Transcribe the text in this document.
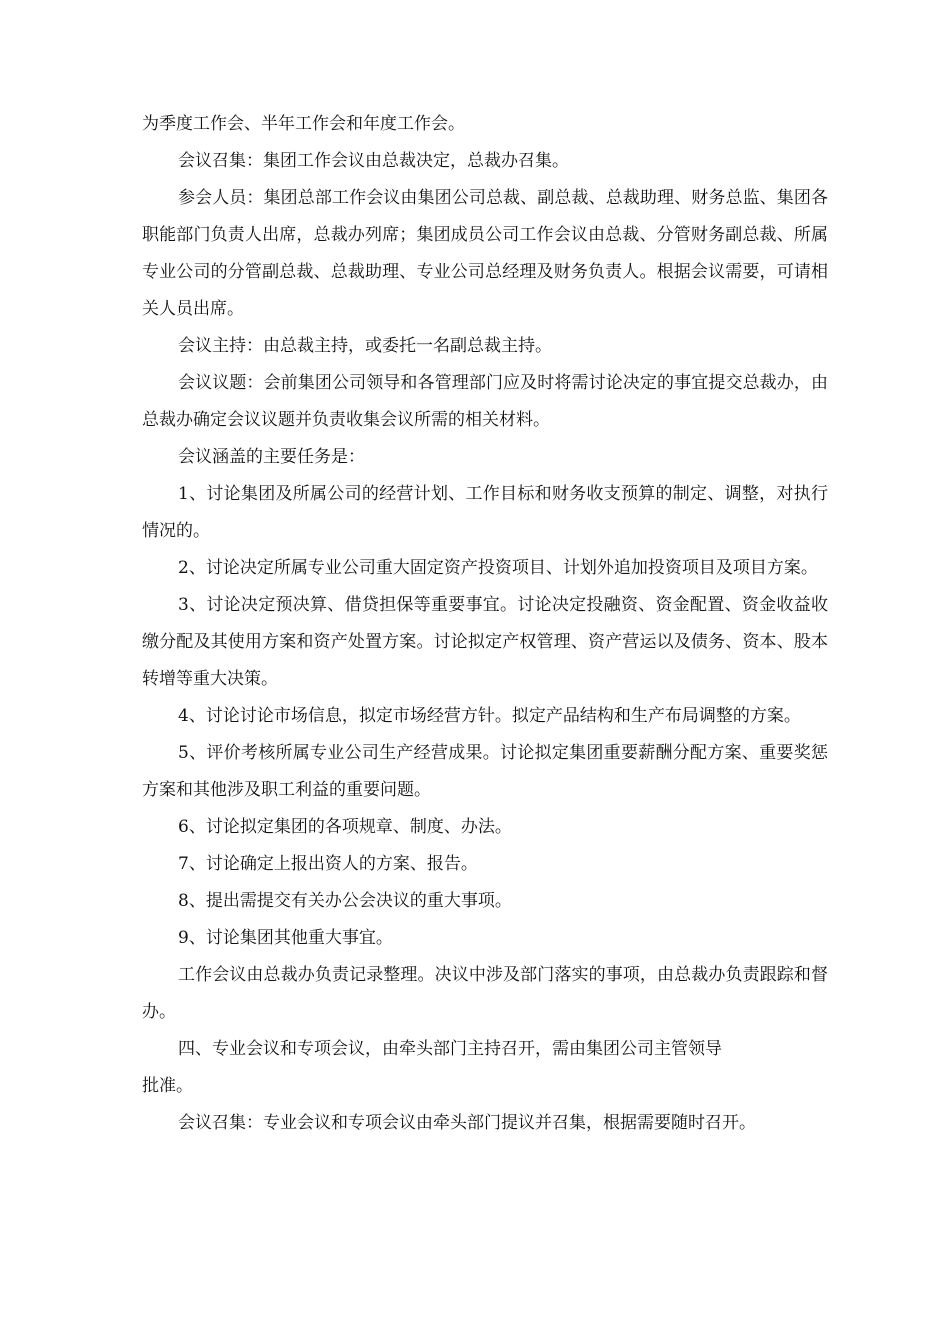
为季度工作会、半年工作会和年度工作会。

会议召集：集团工作会议由总裁决定，总裁办召集。

参会人员：集团总部工作会议由集团公司总裁、副总裁、总裁助理、财务总监、集团各职能部门负责人出席，总裁办列席；集团成员公司工作会议由总裁、分管财务副总裁、所属专业公司的分管副总裁、总裁助理、专业公司总经理及财务负责人。根据会议需要，可请相关人员出席。

会议主持：由总裁主持，或委托一名副总裁主持。

会议议题：会前集团公司领导和各管理部门应及时将需讨论决定的事宜提交总裁办，由总裁办确定会议议题并负责收集会议所需的相关材料。

会议涵盖的主要任务是：

1、讨论集团及所属公司的经营计划、工作目标和财务收支预算的制定、调整，对执行情况的。

2、讨论决定所属专业公司重大固定资产投资项目、计划外追加投资项目及项目方案。

3、讨论决定预决算、借贷担保等重要事宜。讨论决定投融资、资金配置、资金收益收缴分配及其使用方案和资产处置方案。讨论拟定产权管理、资产营运以及债务、资本、股本转增等重大决策。

4、讨论讨论市场信息，拟定市场经营方针。拟定产品结构和生产布局调整的方案。

5、评价考核所属专业公司生产经营成果。讨论拟定集团重要薪酬分配方案、重要奖惩方案和其他涉及职工利益的重要问题。

6、讨论拟定集团的各项规章、制度、办法。

7、讨论确定上报出资人的方案、报告。

8、提出需提交有关办公会决议的重大事项。

9、讨论集团其他重大事宜。

工作会议由总裁办负责记录整理。决议中涉及部门落实的事项，由总裁办负责跟踪和督办。

四、专业会议和专项会议，由牵头部门主持召开，需由集团公司主管领导

批准。

会议召集：专业会议和专项会议由牵头部门提议并召集，根据需要随时召开。
